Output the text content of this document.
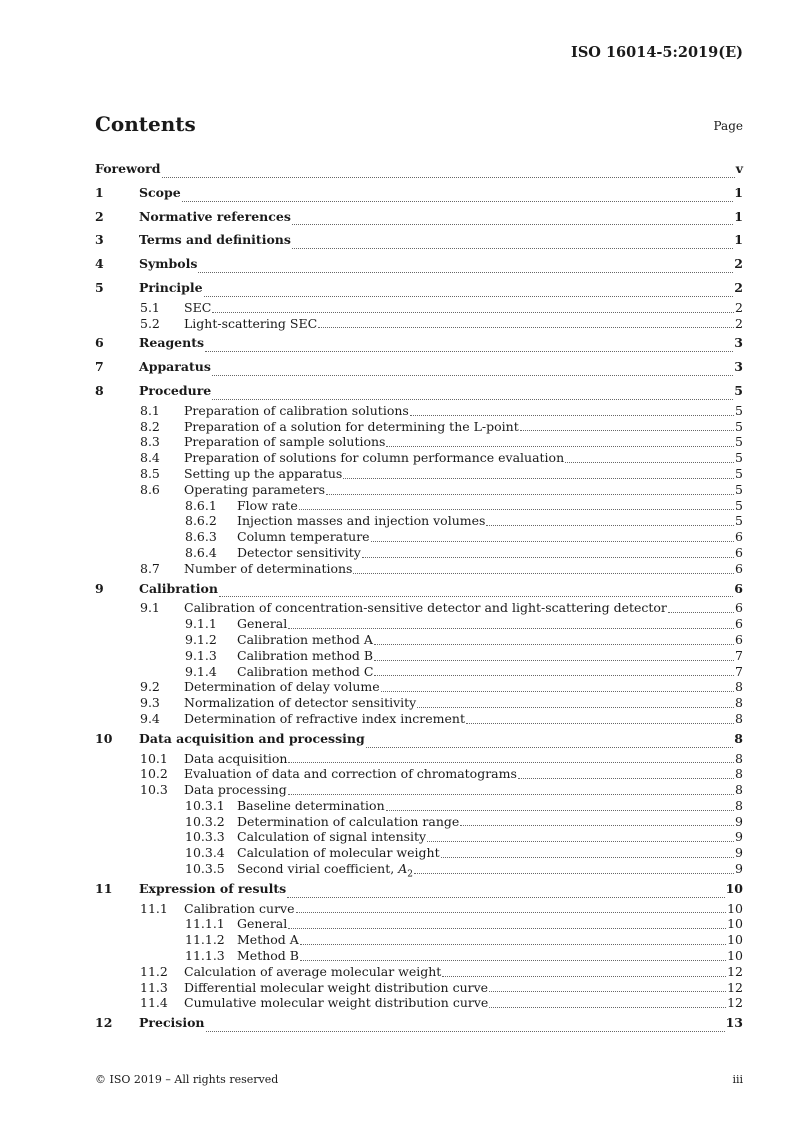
ISO 16014-5:2019(E)
Contents	Page
Foreword	v
1	Scope	1
2	Normative references	1
3	Terms and definitions	1
4	Symbols	2
5	Principle	2
5.1	SEC	2
5.2	Light-scattering SEC	2
6	Reagents	3
7	Apparatus	3
8	Procedure	5
8.1	Preparation of calibration solutions	5
8.2	Preparation of a solution for determining the L-point	5
8.3	Preparation of sample solutions	5
8.4	Preparation of solutions for column performance evaluation	5
8.5	Setting up the apparatus	5
8.6	Operating parameters	5
8.6.1	Flow rate	5
8.6.2	Injection masses and injection volumes	5
8.6.3	Column temperature	6
8.6.4	Detector sensitivity	6
8.7	Number of determinations	6
9	Calibration	6
9.1	Calibration of concentration-sensitive detector and light-scattering detector	6
9.1.1	General	6
9.1.2	Calibration method A	6
9.1.3	Calibration method B	7
9.1.4	Calibration method C	7
9.2	Determination of delay volume	8
9.3	Normalization of detector sensitivity	8
9.4	Determination of refractive index increment	8
10	Data acquisition and processing	8
10.1	Data acquisition	8
10.2	Evaluation of data and correction of chromatograms	8
10.3	Data processing	8
10.3.1 Baseline determination	8
10.3.2 Determination of calculation range	9
10.3.3 Calculation of signal intensity	9
10.3.4 Calculation of molecular weight	9
10.3.5 Second virial coefficient, $A_2$	9
11	Expression of results	10
11.1	Calibration curve	10
11.1.1 General	10
11.1.2 Method A	10
11.1.3 Method B	10
11.2	Calculation of average molecular weight	12
11.3	Differential molecular weight distribution curve	12
11.4	Cumulative molecular weight distribution curve	12
12	Precision	13
© ISO 2019 – All rights reserved	iii
